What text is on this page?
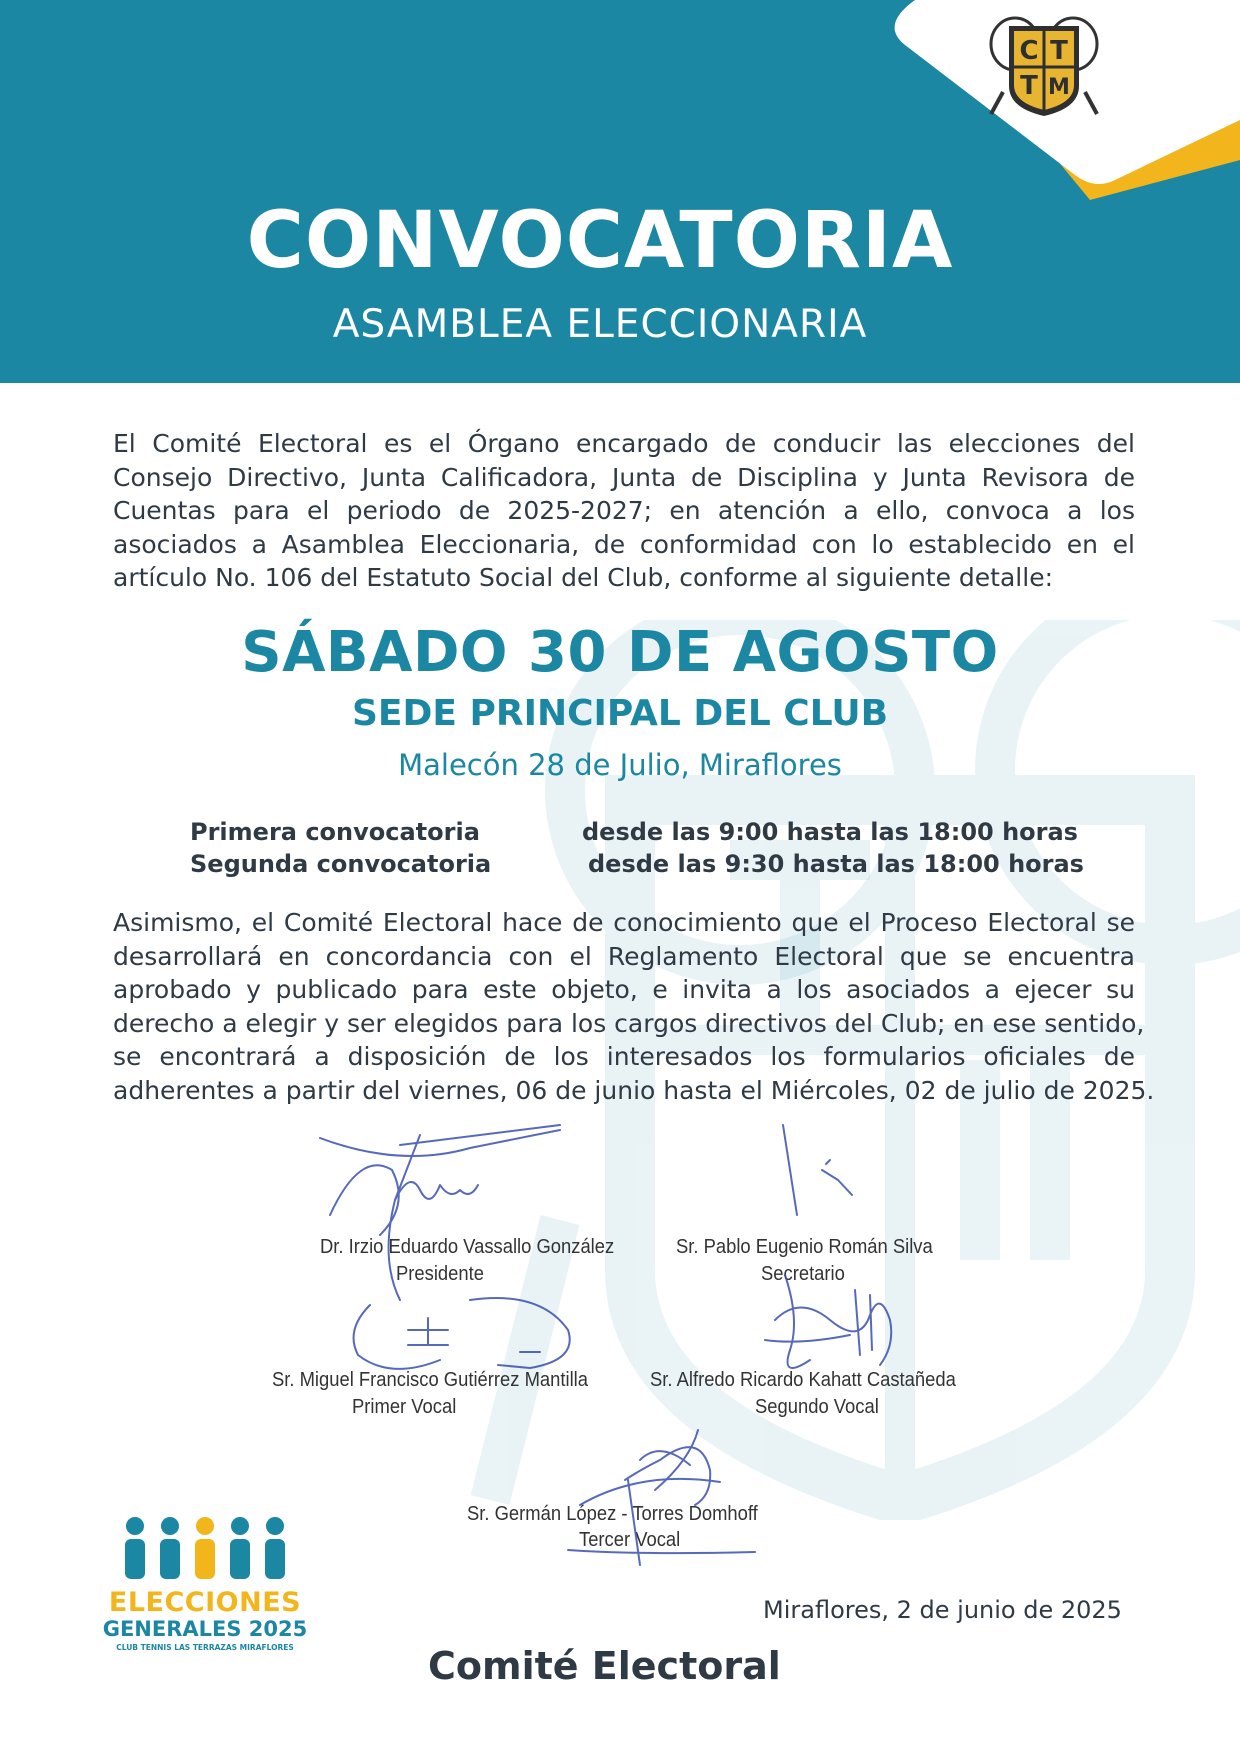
C T
T M
CONVOCATORIA
ASAMBLEA ELECCIONARIA
El Comité Electoral es el Órgano encargado de conducir las elecciones del
Consejo Directivo, Junta Calificadora, Junta de Disciplina y Junta Revisora de
Cuentas para el periodo de 2025-2027; en atención a ello, convoca a los
asociados a Asamblea Eleccionaria, de conformidad con lo establecido en el
artículo No. 106 del Estatuto Social del Club, conforme al siguiente detalle:
SÁBADO 30 DE AGOSTO
SEDE PRINCIPAL DEL CLUB
Malecón 28 de Julio, Miraflores
Primera convocatoria	desde las 9:00 hasta las 18:00 horas
Segunda convocatoria	desde las 9:30 hasta las 18:00 horas
Asimismo, el Comité Electoral hace de conocimiento que el Proceso Electoral se
desarrollará en concordancia con el Reglamento Electoral que se encuentra
aprobado y publicado para este objeto, e invita a los asociados a ejecer su
derecho a elegir y ser elegidos para los cargos directivos del Club; en ese sentido,
se encontrará a disposición de los interesados los formularios oficiales de
adherentes a partir del viernes, 06 de junio hasta el Miércoles, 02 de julio de 2025.
Dr. Irzio Eduardo Vassallo González
Presidente
Sr. Pablo Eugenio Román Silva
Secretario
Sr. Miguel Francisco Gutiérrez Mantilla
Primer Vocal
Sr. Alfredo Ricardo Kahatt Castañeda
Segundo Vocal
Sr. Germán López - Torres Domhoff
Tercer Vocal
ELECCIONES
GENERALES 2025
CLUB TENNIS LAS TERRAZAS MIRAFLORES
Miraflores, 2 de junio de 2025
Comité Electoral
